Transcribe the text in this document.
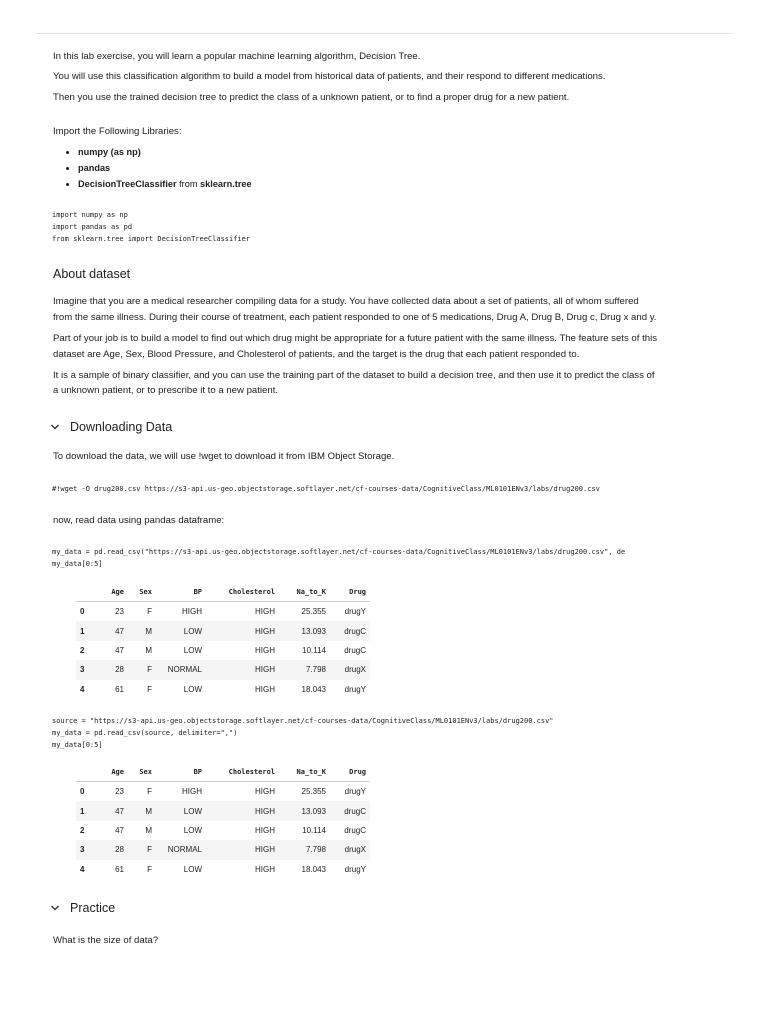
In this lab exercise, you will learn a popular machine learning algorithm, Decision Tree.
You will use this classification algorithm to build a model from historical data of patients, and their respond to different medications.
Then you use the trained decision tree to predict the class of a unknown patient, or to find a proper drug for a new patient.
Import the Following Libraries:
• numpy (as np)
• pandas
• DecisionTreeClassifier from sklearn.tree
import numpy as np
import pandas as pd
from sklearn.tree import DecisionTreeClassifier
About dataset
Imagine that you are a medical researcher compiling data for a study. You have collected data about a set of patients, all of whom suffered
from the same illness. During their course of treatment, each patient responded to one of 5 medications, Drug A, Drug B, Drug c, Drug x and y.
Part of your job is to build a model to find out which drug might be appropriate for a future patient with the same illness. The feature sets of this
dataset are Age, Sex, Blood Pressure, and Cholesterol of patients, and the target is the drug that each patient responded to.
It is a sample of binary classifier, and you can use the training part of the dataset to build a decision tree, and then use it to predict the class of
a unknown patient, or to prescribe it to a new patient.
Downloading Data
To download the data, we will use !wget to download it from IBM Object Storage.
#!wget -O drug200.csv https://s3-api.us-geo.objectstorage.softlayer.net/cf-courses-data/CognitiveClass/ML0101ENv3/labs/drug200.csv
now, read data using pandas dataframe:
my_data = pd.read_csv("https://s3-api.us-geo.objectstorage.softlayer.net/cf-courses-data/CognitiveClass/ML0101ENv3/labs/drug200.csv", de
my_data[0:5]
	Age	Sex	BP	Cholesterol	Na_to_K	Drug
0	23	F	HIGH	HIGH	25.355	drugY
1	47	M	LOW	HIGH	13.093	drugC
2	47	M	LOW	HIGH	10.114	drugC
3	28	F	NORMAL	HIGH	7.798	drugX
4	61	F	LOW	HIGH	18.043	drugY
source = "https://s3-api.us-geo.objectstorage.softlayer.net/cf-courses-data/CognitiveClass/ML0101ENv3/labs/drug200.csv"
my_data = pd.read_csv(source, delimiter=",")
my_data[0:5]
	Age	Sex	BP	Cholesterol	Na_to_K	Drug
0	23	F	HIGH	HIGH	25.355	drugY
1	47	M	LOW	HIGH	13.093	drugC
2	47	M	LOW	HIGH	10.114	drugC
3	28	F	NORMAL	HIGH	7.798	drugX
4	61	F	LOW	HIGH	18.043	drugY
Practice
What is the size of data?
